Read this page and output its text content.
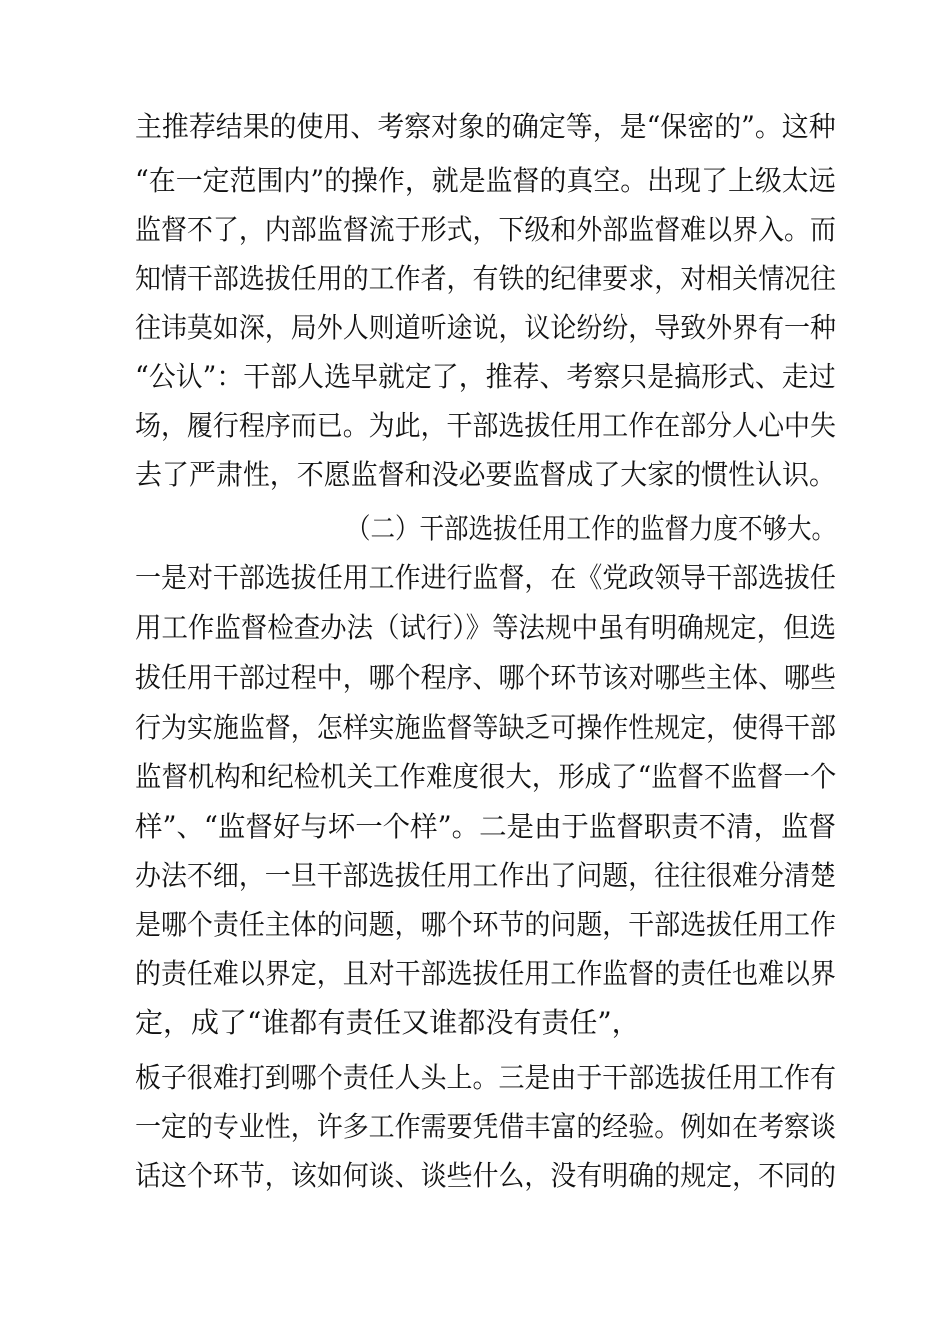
主推荐结果的使用、考察对象的确定等，是“保密的”。这种
“在一定范围内”的操作，就是监督的真空。出现了上级太远
监督不了，内部监督流于形式，下级和外部监督难以界入。而
知情干部选拔任用的工作者，有铁的纪律要求，对相关情况往
往讳莫如深，局外人则道听途说，议论纷纷，导致外界有一种
“公认”：干部人选早就定了，推荐、考察只是搞形式、走过
场，履行程序而已。为此，干部选拔任用工作在部分人心中失
去了严肃性，不愿监督和没必要监督成了大家的惯性认识。
（二）干部选拔任用工作的监督力度不够大。
一是对干部选拔任用工作进行监督，在《党政领导干部选拔任
用工作监督检查办法（试行）》等法规中虽有明确规定，但选
拔任用干部过程中，哪个程序、哪个环节该对哪些主体、哪些
行为实施监督，怎样实施监督等缺乏可操作性规定，使得干部
监督机构和纪检机关工作难度很大，形成了“监督不监督一个
样”、“监督好与坏一个样”。二是由于监督职责不清，监督
办法不细，一旦干部选拔任用工作出了问题，往往很难分清楚
是哪个责任主体的问题，哪个环节的问题，干部选拔任用工作
的责任难以界定，且对干部选拔任用工作监督的责任也难以界
定，成了“谁都有责任又谁都没有责任”，
板子很难打到哪个责任人头上。三是由于干部选拔任用工作有
一定的专业性，许多工作需要凭借丰富的经验。例如在考察谈
话这个环节，该如何谈、谈些什么，没有明确的规定，不同的
